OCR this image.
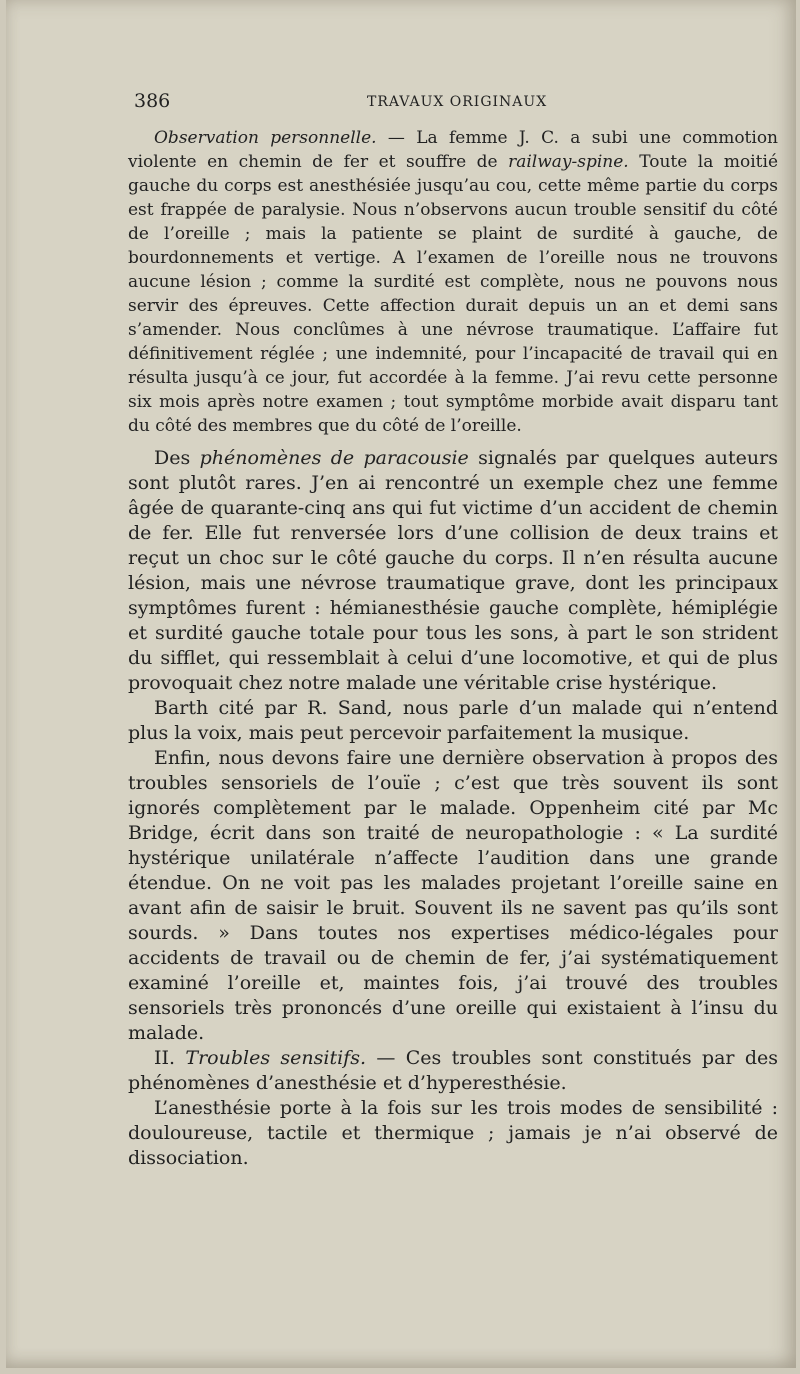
386	TRAVAUX ORIGINAUX

Observation personnelle. — La femme J. C. a subi une commotion violente en chemin de fer et souffre de railway-spine. Toute la moitié gauche du corps est anesthésiée jusqu’au cou, cette même partie du corps est frappée de paralysie. Nous n’observons aucun trouble sensitif du côté de l’oreille ; mais la patiente se plaint de surdité à gauche, de bourdonnements et vertige. A l’examen de l’oreille nous ne trouvons aucune lésion ; comme la surdité est complète, nous ne pouvons nous servir des épreuves. Cette affection durait depuis un an et demi sans s’amender. Nous conclûmes à une névrose traumatique. L’affaire fut définitivement réglée ; une indemnité, pour l’incapacité de travail qui en résulta jusqu’à ce jour, fut accordée à la femme. J’ai revu cette personne six mois après notre examen ; tout symptôme morbide avait disparu tant du côté des membres que du côté de l’oreille.

Des phénomènes de paracousie signalés par quelques auteurs sont plutôt rares. J’en ai rencontré un exemple chez une femme âgée de quarante-cinq ans qui fut victime d’un accident de chemin de fer. Elle fut renversée lors d’une collision de deux trains et reçut un choc sur le côté gauche du corps. Il n’en résulta aucune lésion, mais une névrose traumatique grave, dont les principaux symptômes furent : hémianesthésie gauche complète, hémiplégie et surdité gauche totale pour tous les sons, à part le son strident du sifflet, qui ressemblait à celui d’une locomotive, et qui de plus provoquait chez notre malade une véritable crise hystérique.

Barth cité par R. Sand, nous parle d’un malade qui n’entend plus la voix, mais peut percevoir parfaitement la musique.

Enfin, nous devons faire une dernière observation à propos des troubles sensoriels de l’ouïe ; c’est que très souvent ils sont ignorés complètement par le malade. Oppenheim cité par Mc Bridge, écrit dans son traité de neuropathologie : « La surdité hystérique unilatérale n’affecte l’audition dans une grande étendue. On ne voit pas les malades projetant l’oreille saine en avant afin de saisir le bruit. Souvent ils ne savent pas qu’ils sont sourds. » Dans toutes nos expertises médico-légales pour accidents de travail ou de chemin de fer, j’ai systématiquement examiné l’oreille et, maintes fois, j’ai trouvé des troubles sensoriels très prononcés d’une oreille qui existaient à l’insu du malade.

II. Troubles sensitifs. — Ces troubles sont constitués par des phénomènes d’anesthésie et d’hyperesthésie.

L’anesthésie porte à la fois sur les trois modes de sensibilité : douloureuse, tactile et thermique ; jamais je n’ai observé de dissociation.
